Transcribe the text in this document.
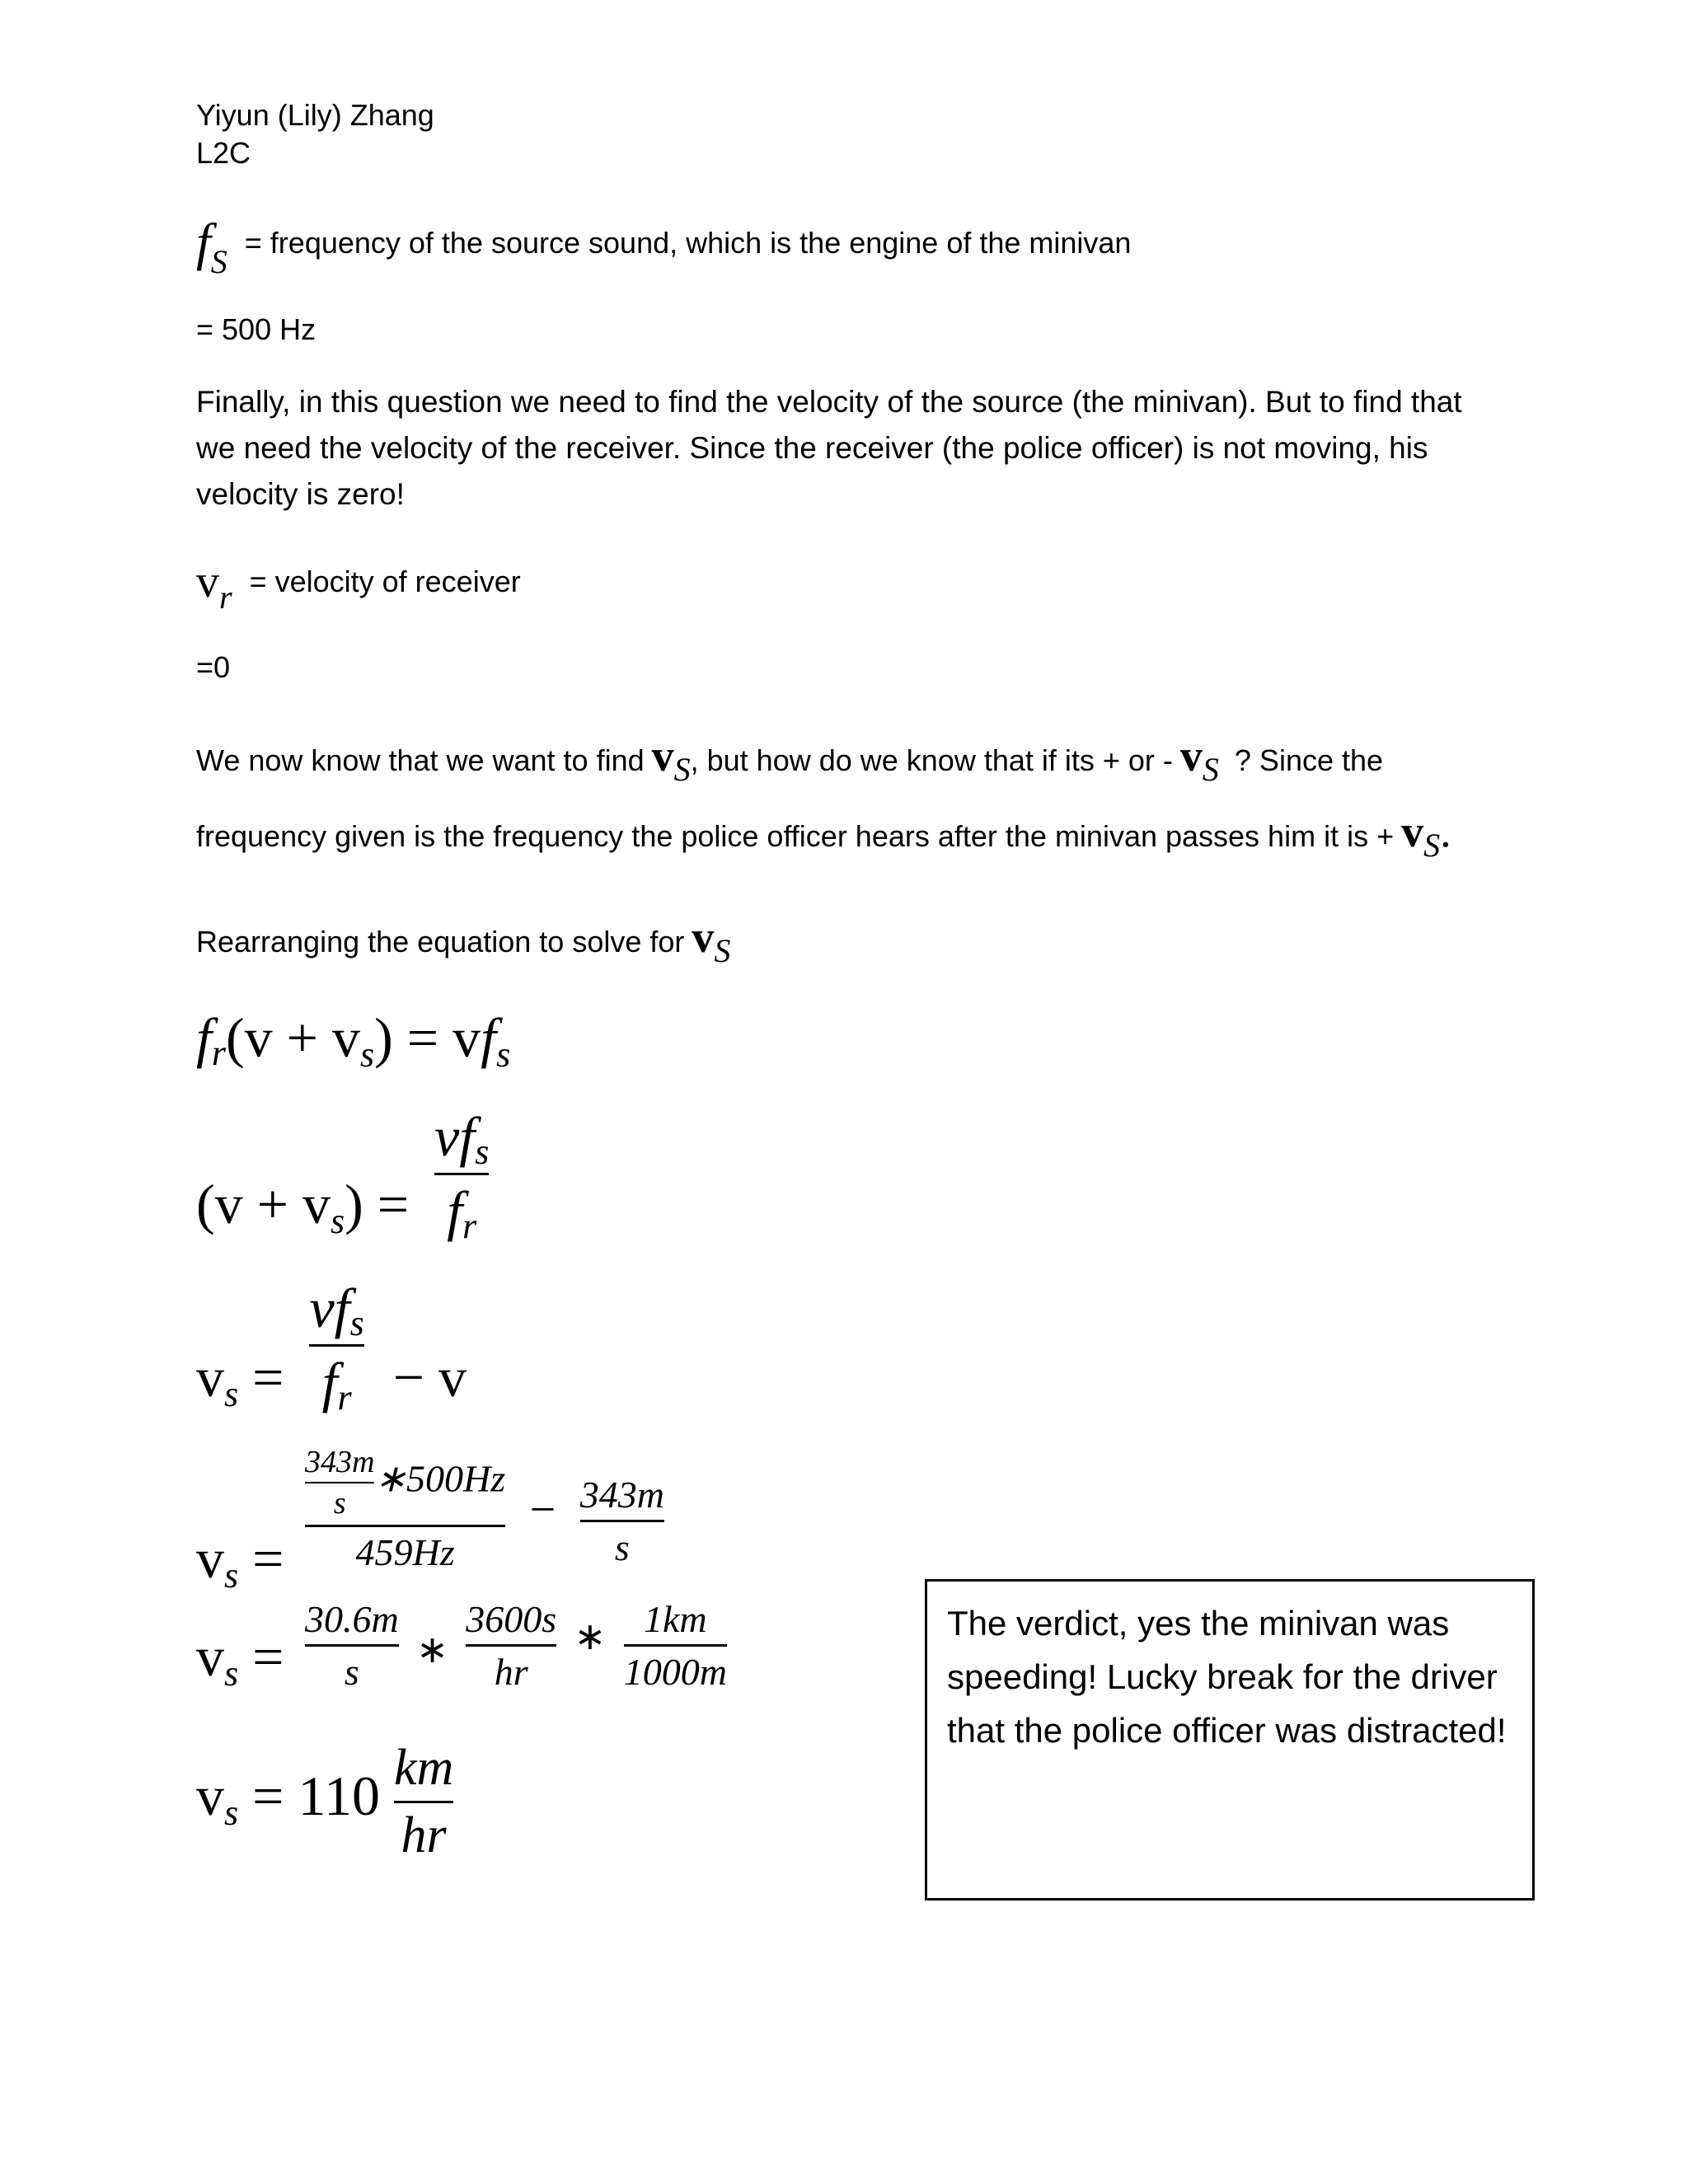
Yiyun (Lily) Zhang
L2C
fS = frequency of the source sound, which is the engine of the minivan
= 500 Hz
Finally, in this question we need to find the velocity of the source (the minivan). But to find that we need the velocity of the receiver. Since the receiver (the police officer) is not moving, his velocity is zero!
vr = velocity of receiver
=0
We now know that we want to find vS, but how do we know that if its + or - vS ? Since the
frequency given is the frequency the police officer hears after the minivan passes him it is + vS.
Rearranging the equation to solve for vS
fr(v + vs) = vfs
$(v + vs) = \frac{\text{vfs}}{fr}$
vs = $\frac{\text{vfs}}{fr} - v$
vs = $\frac{\frac{343m}{s} ∗500Hz}{459Hz} - \frac{343m}{s}$
vs = $\frac{30.6m}{s}$ ∗ $\frac{3600s}{hr}$ ∗ $\frac{1km}{1000m}$
vs = $110 \frac{km}{hr}$
The verdict, yes the minivan was speeding! Lucky break for the driver that the police officer was distracted!
